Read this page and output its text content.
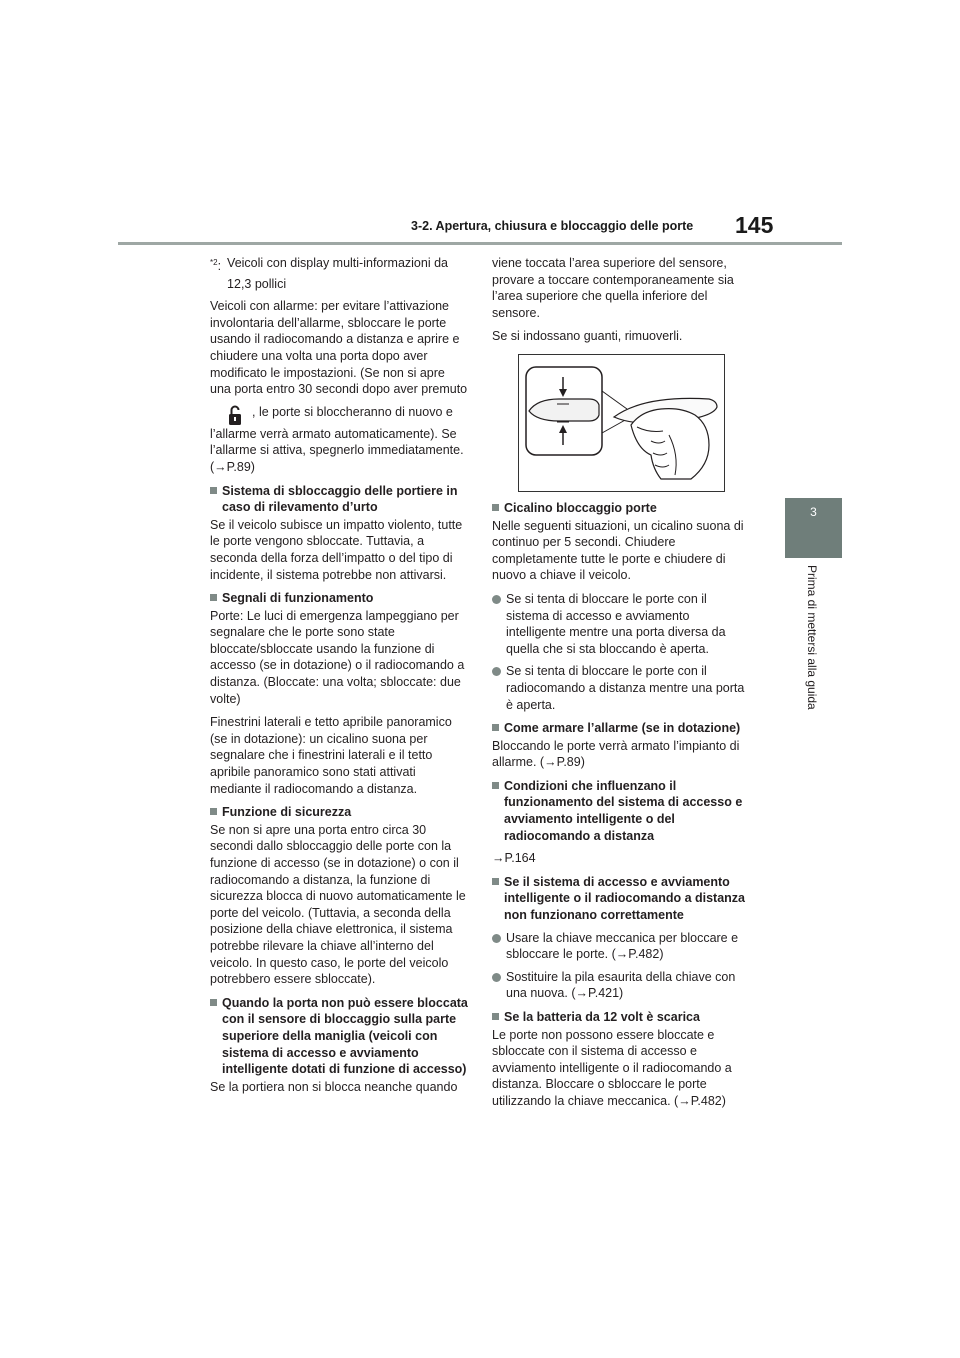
145
3-2. Apertura, chiusura e bloccaggio delle porte
3
Prima di mettersi alla guida

$^{*2}$: Veicoli con display multi-informazioni da
12,3 pollici

Veicoli con allarme: per evitare l’attivazione involontaria dell’allarme, sbloccare le porte usando il radiocomando a distanza e aprire e chiudere una volta una porta dopo aver modificato le impostazioni. (Se non si apre una porta entro 30 secondi dopo aver premuto

, le porte si bloccheranno di nuovo e

l’allarme verrà armato automaticamente). Se l’allarme si attiva, spegnerlo immediatamente. (→P.89)

Sistema di sbloccaggio delle portiere in caso di rilevamento d’urto

Se il veicolo subisce un impatto violento, tutte le porte vengono sbloccate. Tuttavia, a seconda della forza dell’impatto o del tipo di incidente, il sistema potrebbe non attivarsi.

Segnali di funzionamento

Porte: Le luci di emergenza lampeggiano per segnalare che le porte sono state bloccate/sbloccate usando la funzione di accesso (se in dotazione) o il radiocomando a distanza. (Bloccate: una volta; sbloccate: due volte)

Finestrini laterali e tetto apribile panoramico (se in dotazione): un cicalino suona per segnalare che i finestrini laterali e il tetto apribile panoramico sono stati attivati mediante il radiocomando a distanza.

Funzione di sicurezza

Se non si apre una porta entro circa 30 secondi dallo sbloccaggio delle porte con la funzione di accesso (se in dotazione) o con il radiocomando a distanza, la funzione di sicurezza blocca di nuovo automaticamente le porte del veicolo. (Tuttavia, a seconda della posizione della chiave elettronica, il sistema potrebbe rilevare la chiave all’interno del veicolo. In questo caso, le porte del veicolo potrebbero essere sbloccate).

Quando la porta non può essere bloccata con il sensore di bloccaggio sulla parte superiore della maniglia (veicoli con sistema di accesso e avviamento intelligente dotati di funzione di accesso)

Se la portiera non si blocca neanche quando

viene toccata l’area superiore del sensore, provare a toccare contemporaneamente sia l’area superiore che quella inferiore del sensore.

Se si indossano guanti, rimuoverli.

Cicalino bloccaggio porte

Nelle seguenti situazioni, un cicalino suona di continuo per 5 secondi. Chiudere completamente tutte le porte e chiudere di nuovo a chiave il veicolo.

Se si tenta di bloccare le porte con il sistema di accesso e avviamento intelligente mentre una porta diversa da quella che si sta bloccando è aperta.
Se si tenta di bloccare le porte con il radiocomando a distanza mentre una porta è aperta.
Come armare l’allarme (se in dotazione)

Bloccando le porte verrà armato l’impianto di allarme. (→P.89)

Condizioni che influenzano il funzionamento del sistema di accesso e avviamento intelligente o del radiocomando a distanza

→P.164

Se il sistema di accesso e avviamento intelligente o il radiocomando a distanza non funzionano correttamente
Usare la chiave meccanica per bloccare e sbloccare le porte. (→P.482)
Sostituire la pila esaurita della chiave con una nuova. (→P.421)
Se la batteria da 12 volt è scarica

Le porte non possono essere bloccate e sbloccate con il sistema di accesso e avviamento intelligente o il radiocomando a distanza. Bloccare o sbloccare le porte utilizzando la chiave meccanica. (→P.482)
